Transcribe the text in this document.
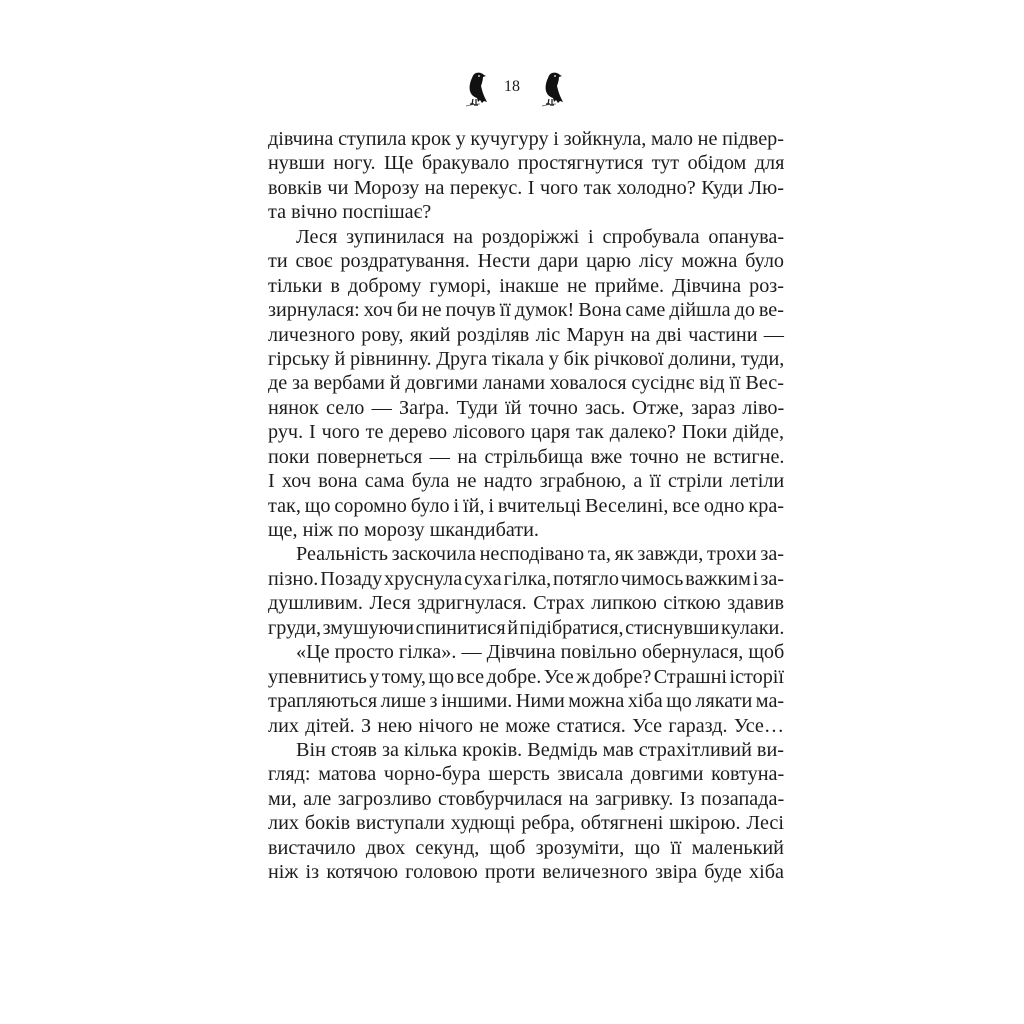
18
дівчина ступила крок у кучугуру і зойкнула, мало не підвер-
нувши ногу. Ще бракувало простягнутися тут обідом для
вовків чи Морозу на перекус. І чого так холодно? Куди Лю-
та вічно поспішає?
Леся зупинилася на роздоріжжі і спробувала опанува-
ти своє роздратування. Нести дари царю лісу можна було
тільки в доброму гуморі, інакше не прийме. Дівчина роз-
зирнулася: хоч би не почув її думок! Вона саме дійшла до ве-
личезного рову, який розділяв ліс Марун на дві частини —
гірську й рівнинну. Друга тікала у бік річкової долини, туди,
де за вербами й довгими ланами ховалося сусіднє від її Вес-
нянок село — Заґра. Туди їй точно зась. Отже, зараз ліво-
руч. І чого те дерево лісового царя так далеко? Поки дійде,
поки повернеться — на стрільбища вже точно не встигне.
І хоч вона сама була не надто зграбною, а її стріли летіли
так, що соромно було і їй, і вчительці Веселині, все одно кра-
ще, ніж по морозу шкандибати.
Реальність заскочила несподівано та, як завжди, трохи за-
пізно. Позаду хруснула суха гілка, потягло чимось важким і за-
душливим. Леся здригнулася. Страх липкою сіткою здавив
груди, змушуючи спинитися й підібратися, стиснувши кулаки.
«Це просто гілка». — Дівчина повільно обернулася, щоб
упевнитись у тому, що все добре. Усе ж добре? Страшні історії
трапляються лише з іншими. Ними можна хіба що лякати ма-
лих дітей. З нею нічого не може статися. Усе гаразд. Усе…
Він стояв за кілька кроків. Ведмідь мав страхітливий ви-
гляд: матова чорно-бура шерсть звисала довгими ковтуна-
ми, але загрозливо стовбурчилася на загривку. Із позапада-
лих боків виступали худющі ребра, обтягнені шкірою. Лесі
вистачило двох секунд, щоб зрозуміти, що її маленький
ніж із котячою головою проти величезного звіра буде хіба
